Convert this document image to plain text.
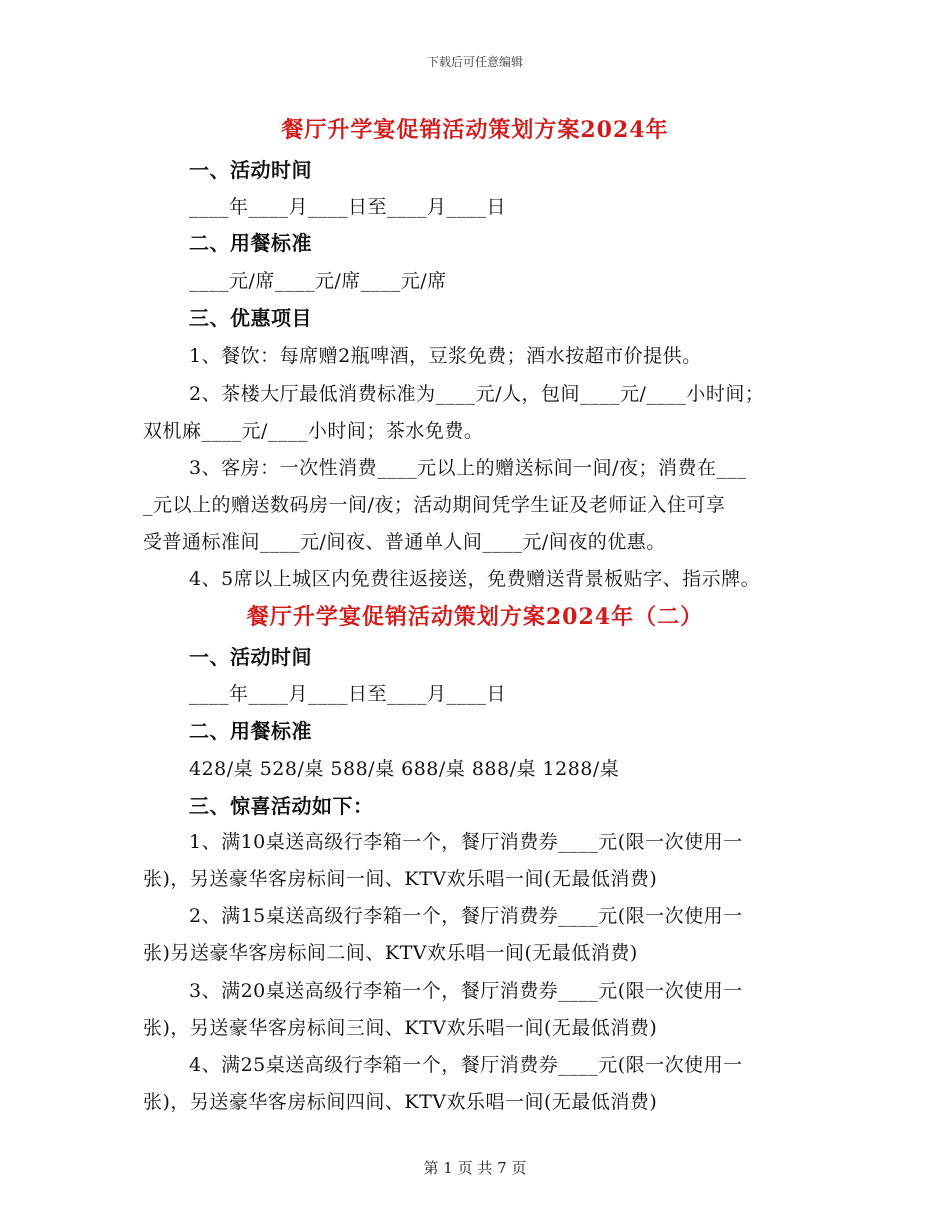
下载后可任意编辑
餐厅升学宴促销活动策划方案2024年
一、活动时间
____年____月____日至____月____日
二、用餐标准
____元/席____元/席____元/席
三、优惠项目
1、餐饮：每席赠2瓶啤酒，豆浆免费；酒水按超市价提供。
2、茶楼大厅最低消费标准为____元/人，包间____元/____小时间；
双机麻____元/____小时间；茶水免费。
3、客房：一次性消费____元以上的赠送标间一间/夜；消费在___
_元以上的赠送数码房一间/夜；活动期间凭学生证及老师证入住可享
受普通标准间____元/间夜、普通单人间____元/间夜的优惠。
4、5席以上城区内免费往返接送，免费赠送背景板贴字、指示牌。
餐厅升学宴促销活动策划方案2024年（二）
一、活动时间
____年____月____日至____月____日
二、用餐标准
428/桌 528/桌 588/桌 688/桌 888/桌 1288/桌
三、惊喜活动如下：
1、满10桌送高级行李箱一个，餐厅消费券____元(限一次使用一
张)，另送豪华客房标间一间、KTV欢乐唱一间(无最低消费)
2、满15桌送高级行李箱一个，餐厅消费券____元(限一次使用一
张)另送豪华客房标间二间、KTV欢乐唱一间(无最低消费)
3、满20桌送高级行李箱一个，餐厅消费券____元(限一次使用一
张)，另送豪华客房标间三间、KTV欢乐唱一间(无最低消费)
4、满25桌送高级行李箱一个，餐厅消费券____元(限一次使用一
张)，另送豪华客房标间四间、KTV欢乐唱一间(无最低消费)
第 1 页 共 7 页
